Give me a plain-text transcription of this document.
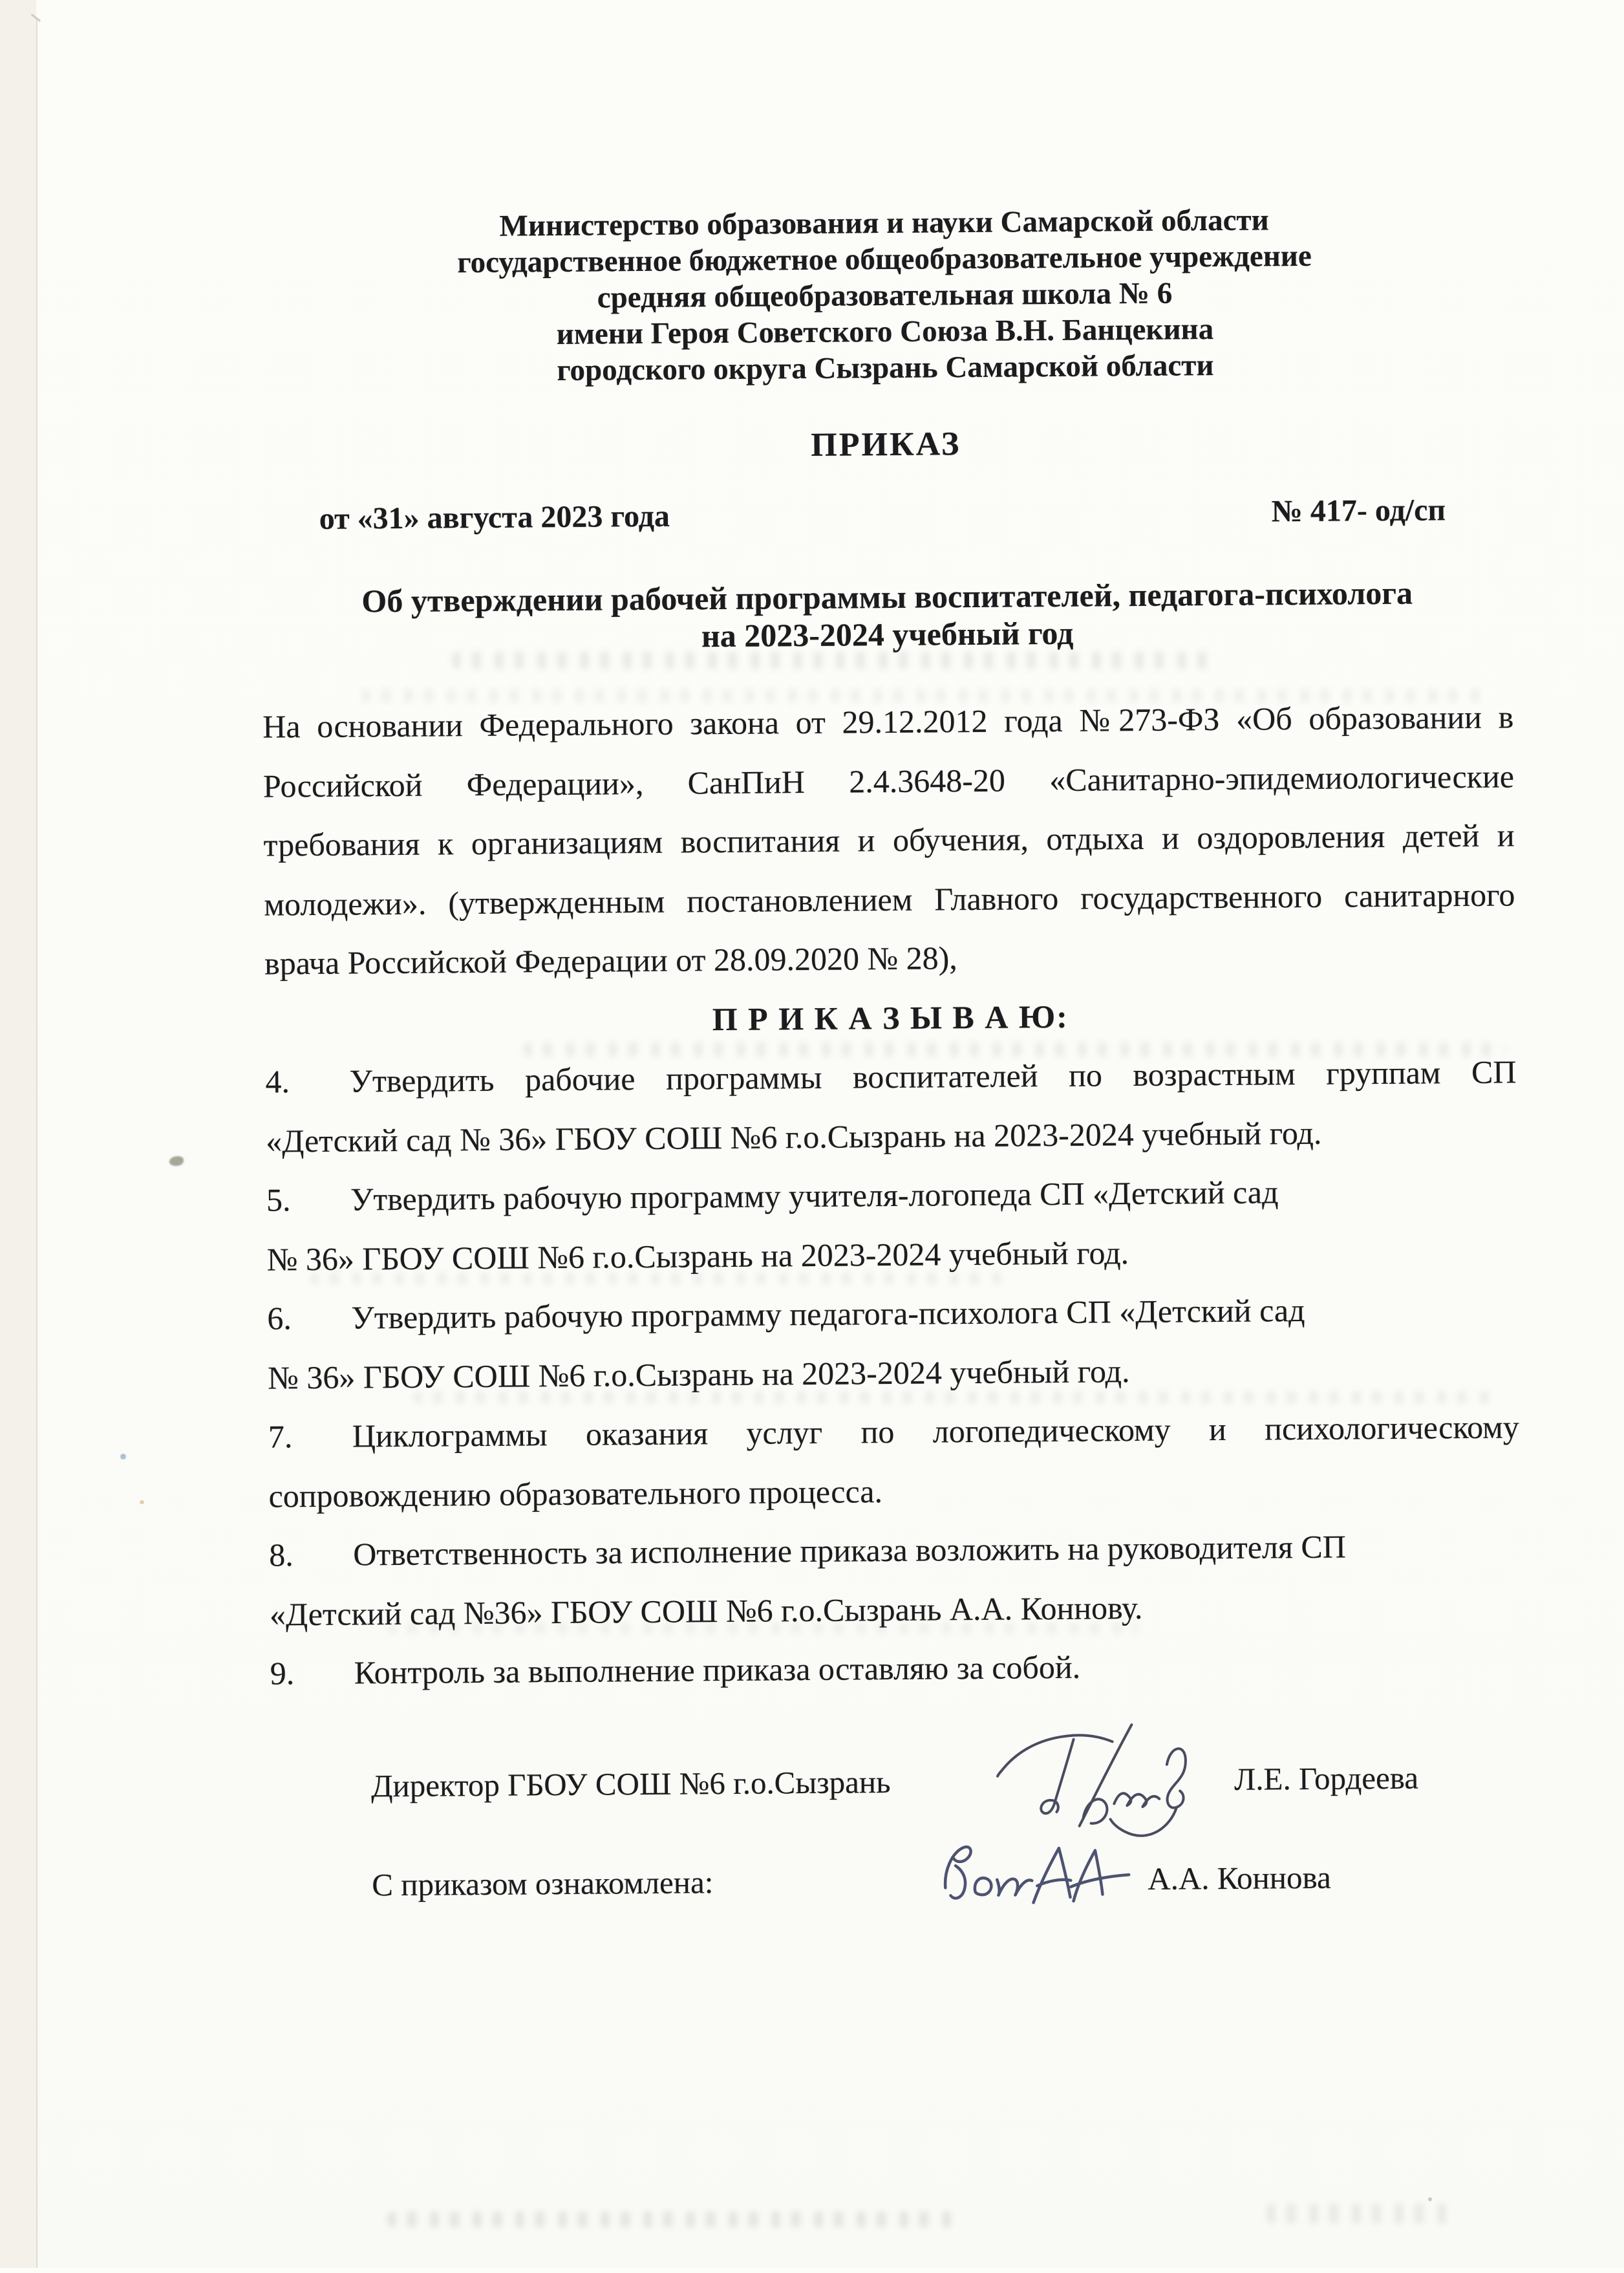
Министерство образования и науки Самарской области
государственное бюджетное общеобразовательное учреждение
средняя общеобразовательная школа № 6
имени Героя Советского Союза В.Н. Банцекина
городского округа Сызрань Самарской области
ПРИКАЗ
от «31» августа 2023 года	№ 417- од/сп
Об утверждении рабочей программы воспитателей, педагога-психолога
на 2023-2024 учебный год
На основании Федерального закона от 29.12.2012 года №273-ФЗ «Об образовании в
Российской Федерации», СанПиН 2.4.3648-20 «Санитарно-эпидемиологические
требования к организациям воспитания и обучения, отдыха и оздоровления детей и
молодежи». (утвержденным постановлением Главного государственного санитарного
врача Российской Федерации от 28.09.2020 № 28),
П Р И К А З Ы В А Ю:
4. Утвердить рабочие программы воспитателей по возрастным группам СП
«Детский сад № 36» ГБОУ СОШ №6 г.о.Сызрань на 2023-2024 учебный год.
5. Утвердить рабочую программу учителя-логопеда СП «Детский сад
№ 36» ГБОУ СОШ №6 г.о.Сызрань на 2023-2024 учебный год.
6. Утвердить рабочую программу педагога-психолога СП «Детский сад
№ 36» ГБОУ СОШ №6 г.о.Сызрань на 2023-2024 учебный год.
7. Циклограммы оказания услуг по логопедическому и психологическому
сопровождению образовательного процесса.
8. Ответственность за исполнение приказа возложить на руководителя СП
«Детский сад №36» ГБОУ СОШ №6 г.о.Сызрань А.А. Коннову.
9. Контроль за выполнение приказа оставляю за собой.
Директор ГБОУ СОШ №6 г.о.Сызрань	Л.Е. Гордеева
С приказом ознакомлена:	А.А. Коннова
